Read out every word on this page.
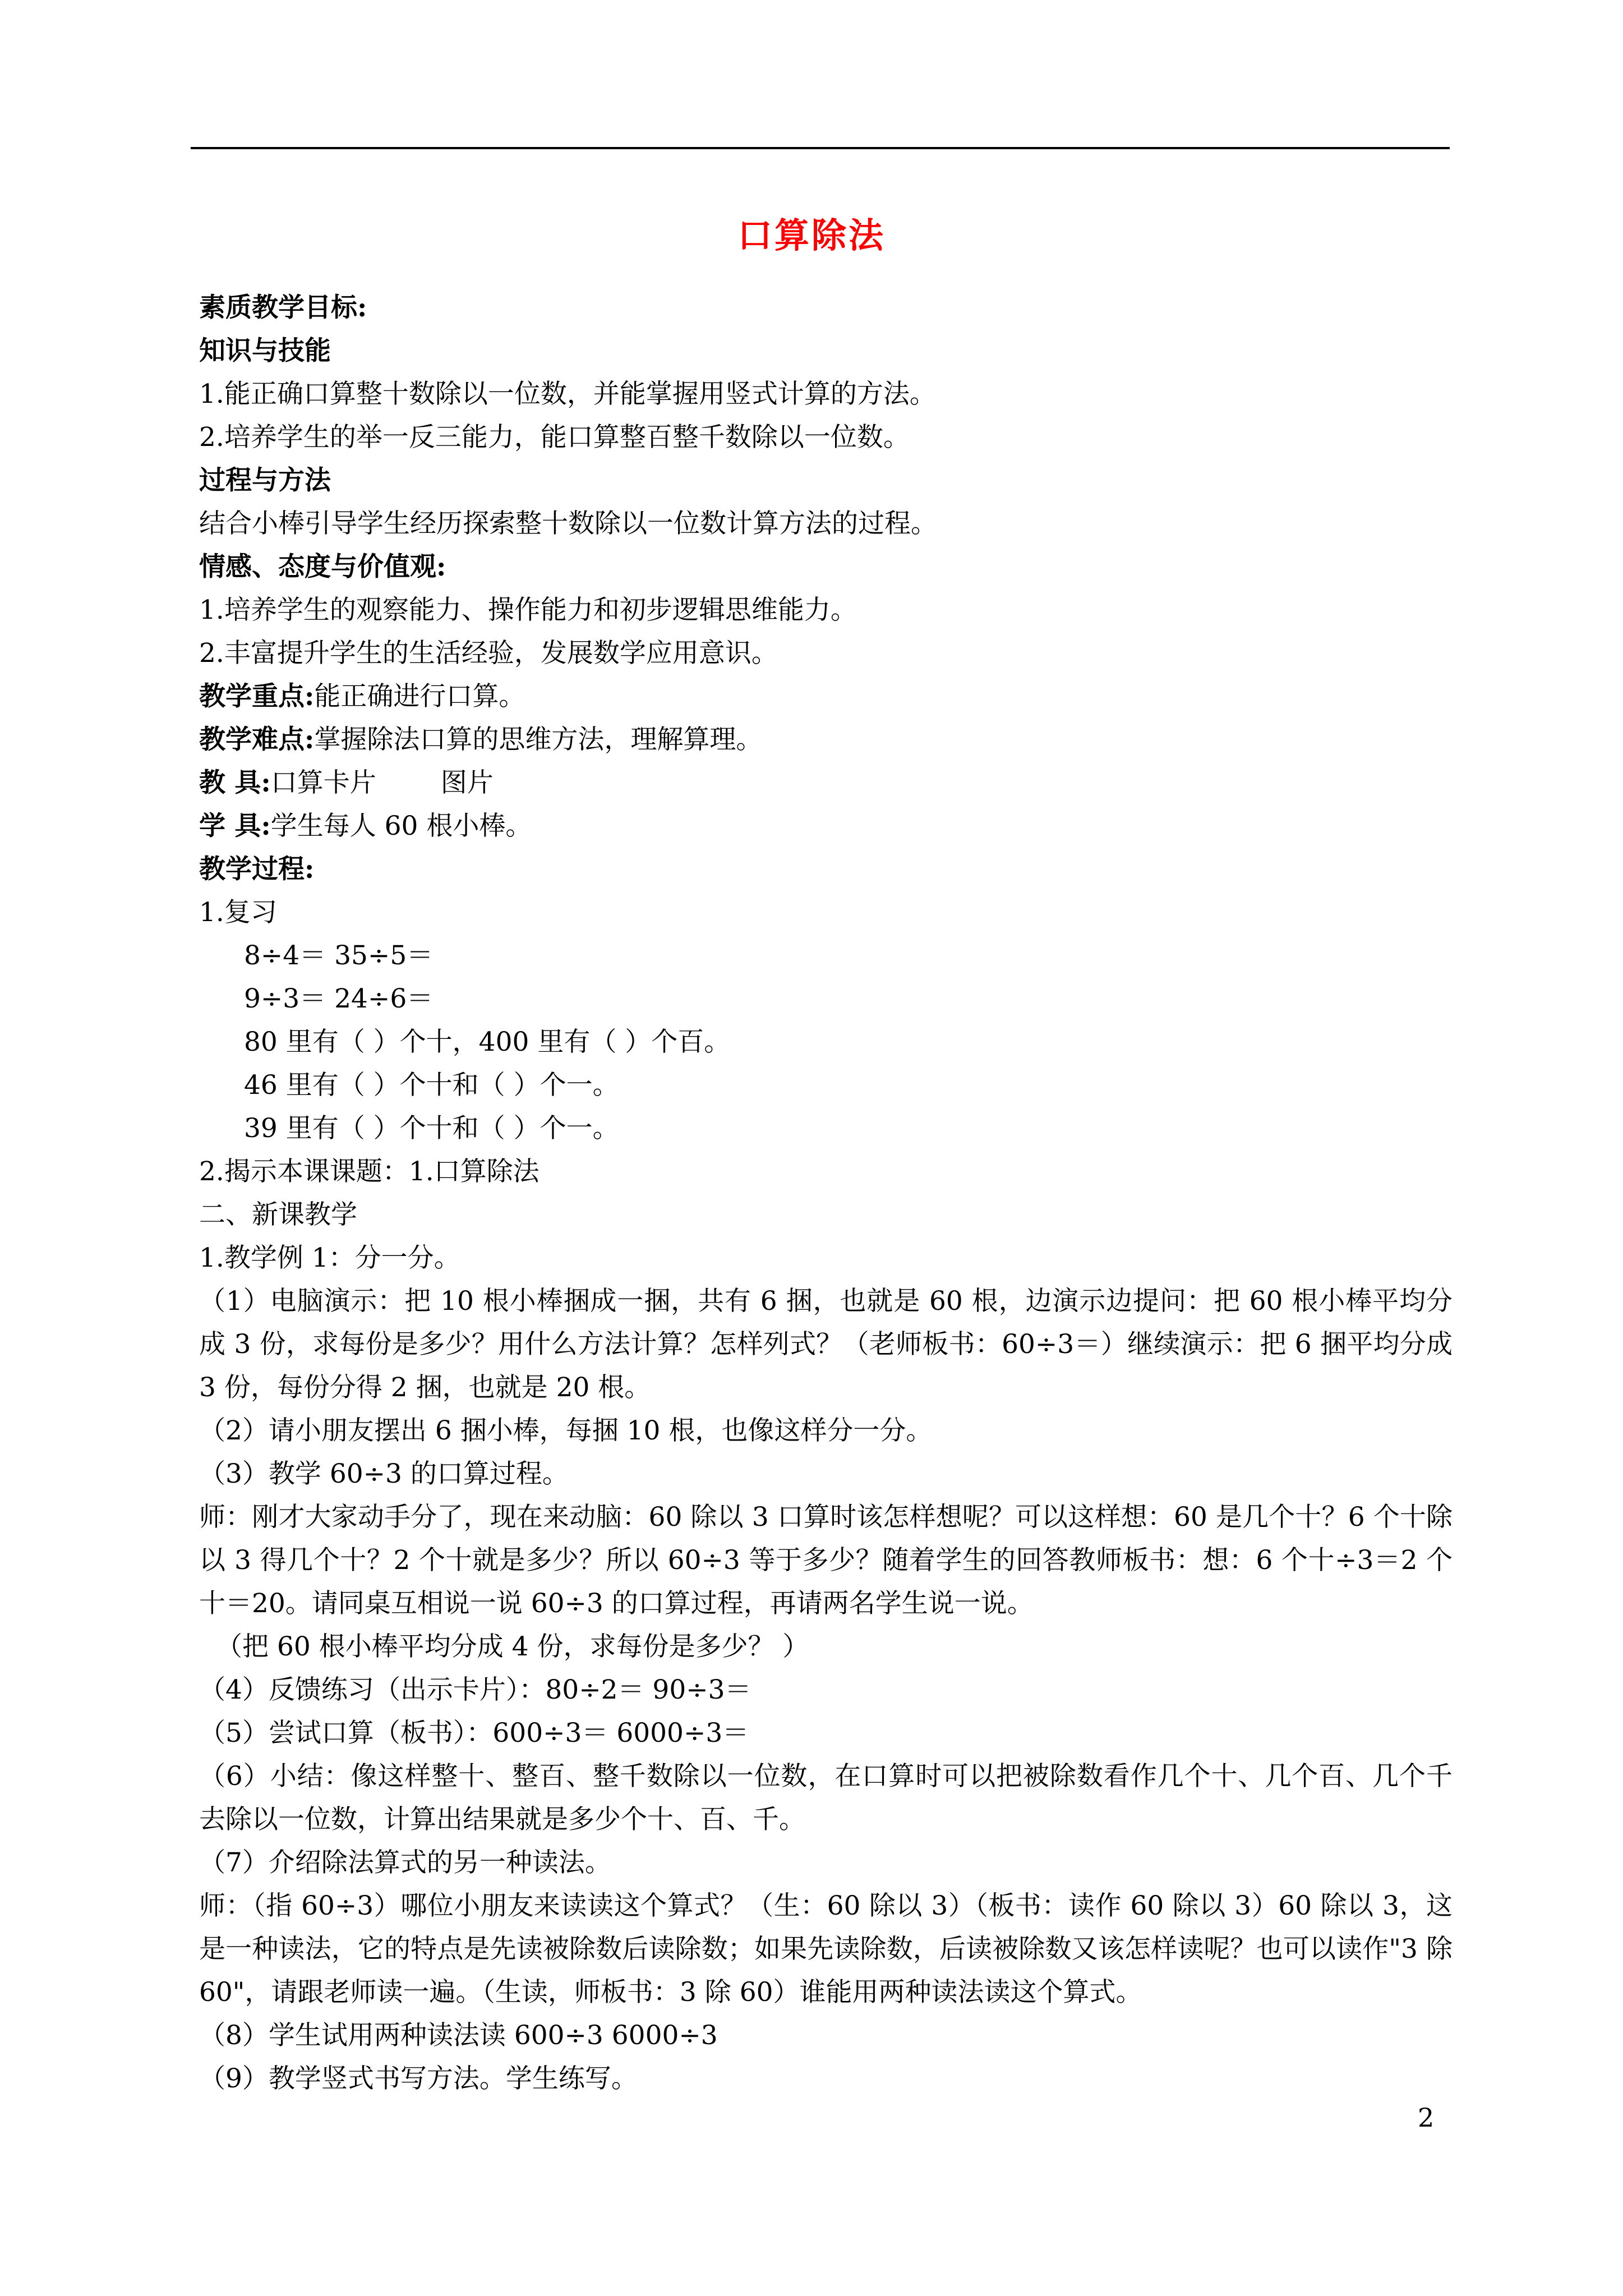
口算除法
素质教学目标:
知识与技能
1.能正确口算整十数除以一位数，并能掌握用竖式计算的方法。
2.培养学生的举一反三能力，能口算整百整千数除以一位数。
过程与方法
结合小棒引导学生经历探索整十数除以一位数计算方法的过程。
情感、态度与价值观:
1.培养学生的观察能力、操作能力和初步逻辑思维能力。
2.丰富提升学生的生活经验，发展数学应用意识。
教学重点:能正确进行口算。
教学难点:掌握除法口算的思维方法，理解算理。
教 具:口算卡片 图片
学 具:学生每人 60 根小棒。
教学过程:
1.复习
8÷4＝ 35÷5＝
9÷3＝ 24÷6＝
80 里有（ ）个十，400 里有（ ）个百。
46 里有（ ）个十和（ ）个一。
39 里有（ ）个十和（ ）个一。
2.揭示本课课题：1.口算除法
二、新课教学
1.教学例 1：分一分。
（1）电脑演示：把 10 根小棒捆成一捆，共有 6 捆，也就是 60 根，边演示边提问：把 60 根小棒平均分成 3 份，求每份是多少？用什么方法计算？怎样列式？（老师板书：60÷3＝）继续演示：把 6 捆平均分成 3 份，每份分得 2 捆，也就是 20 根。
（2）请小朋友摆出 6 捆小棒，每捆 10 根，也像这样分一分。
（3）教学 60÷3 的口算过程。
师：刚才大家动手分了，现在来动脑：60 除以 3 口算时该怎样想呢？可以这样想：60 是几个十？6 个十除以 3 得几个十？2 个十就是多少？所以 60÷3 等于多少？随着学生的回答教师板书：想：6 个十÷3＝2 个十＝20。请同桌互相说一说 60÷3 的口算过程，再请两名学生说一说。
（把 60 根小棒平均分成 4 份，求每份是多少？ ）
（4）反馈练习（出示卡片）：80÷2＝ 90÷3＝
（5）尝试口算（板书）：600÷3＝ 6000÷3＝
（6）小结：像这样整十、整百、整千数除以一位数，在口算时可以把被除数看作几个十、几个百、几个千去除以一位数，计算出结果就是多少个十、百、千。
（7）介绍除法算式的另一种读法。
师：（指 60÷3）哪位小朋友来读读这个算式？（生：60 除以 3）（板书：读作 60 除以 3）60 除以 3，这是一种读法，它的特点是先读被除数后读除数；如果先读除数，后读被除数又该怎样读呢？也可以读作"3 除 60"，请跟老师读一遍。（生读，师板书：3 除 60）谁能用两种读法读这个算式。
（8）学生试用两种读法读 600÷3 6000÷3
（9）教学竖式书写方法。学生练写。
2
